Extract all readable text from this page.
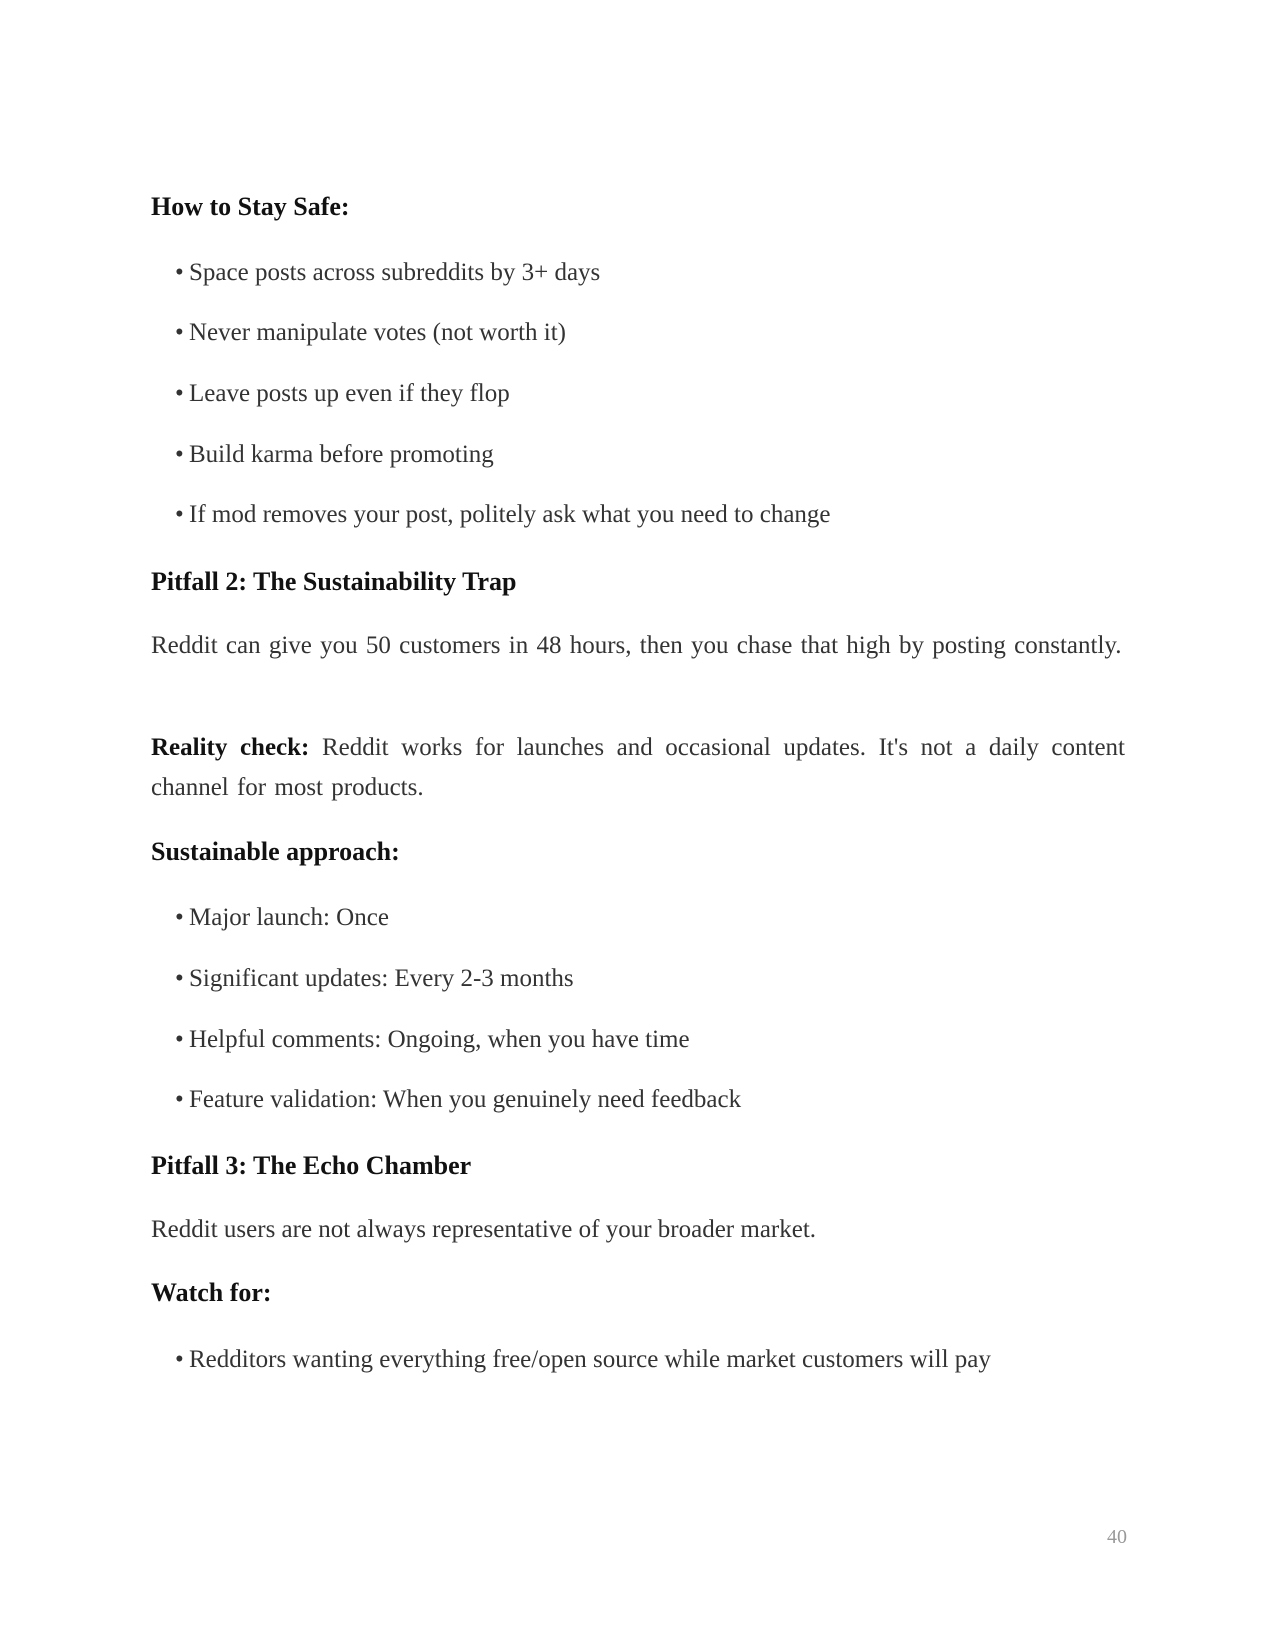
How to Stay Safe:
• Space posts across subreddits by 3+ days
• Never manipulate votes (not worth it)
• Leave posts up even if they flop
• Build karma before promoting
• If mod removes your post, politely ask what you need to change
Pitfall 2: The Sustainability Trap

Reddit can give you 50 customers in 48 hours, then you chase that high by posting constantly.

Reality check: Reddit works for launches and occasional updates. It's not a daily content channel for most products.

Sustainable approach:
• Major launch: Once
• Significant updates: Every 2-3 months
• Helpful comments: Ongoing, when you have time
• Feature validation: When you genuinely need feedback
Pitfall 3: The Echo Chamber

Reddit users are not always representative of your broader market.

Watch for:
• Redditors wanting everything free/open source while market customers will pay
40
